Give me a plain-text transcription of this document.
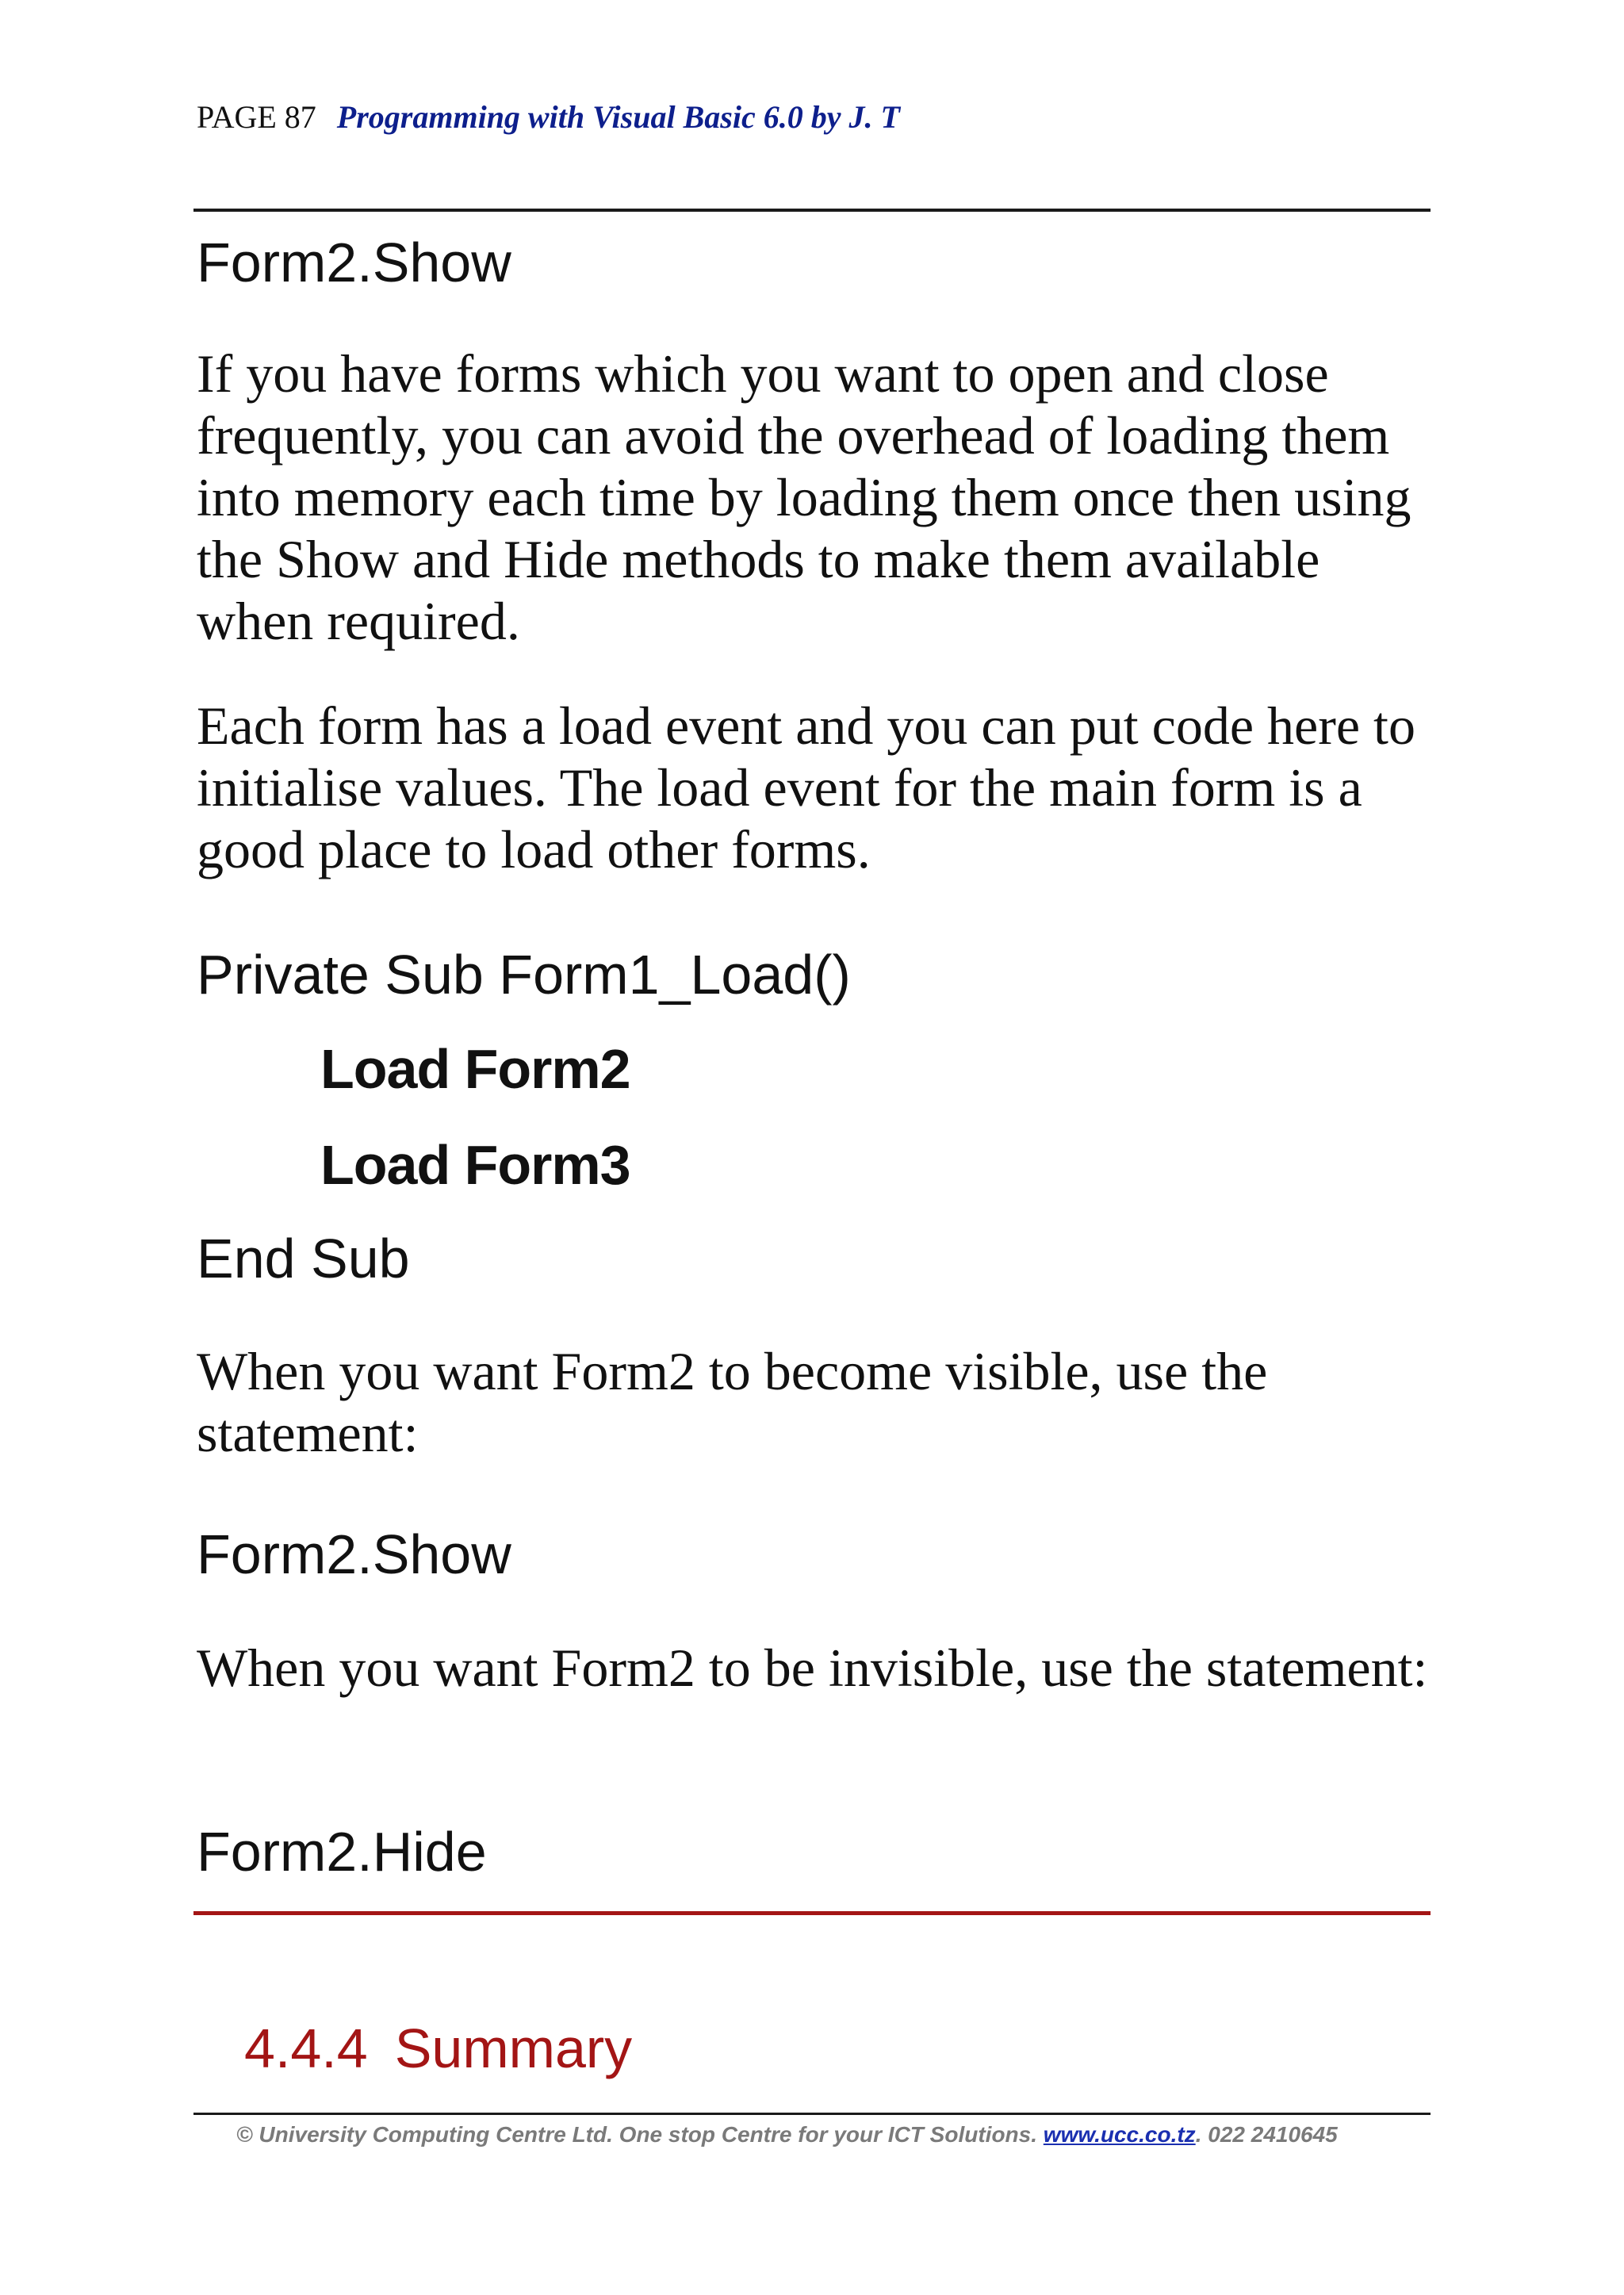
PAGE 87 Programming with Visual Basic 6.0 by J. T
Form2.Show
If you have forms which you want to open and close frequently, you can avoid the overhead of loading them into memory each time by loading them once then using the Show and Hide methods to make them available when required.
Each form has a load event and you can put code here to initialise values. The load event for the main form is a good place to load other forms.
Private Sub Form1_Load()
Load Form2
Load Form3
End Sub
When you want Form2 to become visible, use the statement:
Form2.Show
When you want Form2 to be invisible, use the statement:
Form2.Hide
4.4.4 Summary
© University Computing Centre Ltd. One stop Centre for your ICT Solutions. www.ucc.co.tz. 022 2410645
